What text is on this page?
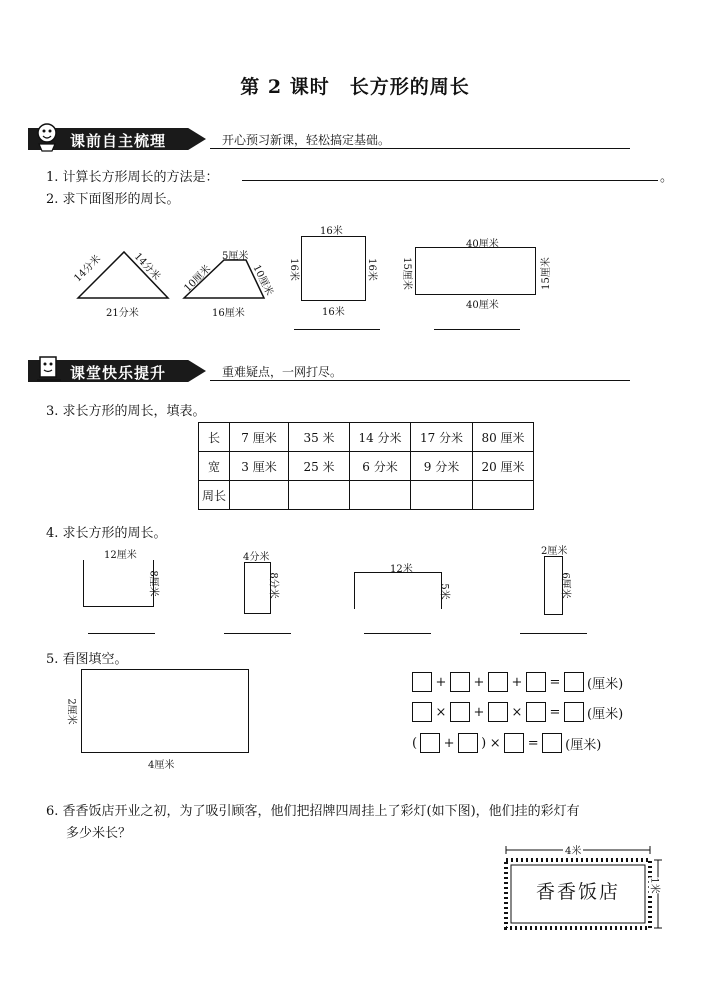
第 2 课时　长方形的周长
课前自主梳理	开心预习新课，轻松搞定基础。
1. 计算长方形周长的方法是：	。
2. 求下面图形的周长。
14分米	14分米
21分米
5厘米
10厘米	10厘米
16厘米
16米
16米	16米
16米
40厘米
15厘米	15厘米
40厘米
课堂快乐提升	重难疑点，一网打尽。
3. 求长方形的周长，填表。
长	7 厘米	35 米	14 分米	17 分米	80 厘米
宽	3 厘米	25 米	6 分米	9 分米	20 厘米
周长					
4. 求长方形的周长。
12厘米
8厘米
4分米
8分米
12米
5米
2厘米
6厘米
5. 看图填空。
2厘米
4厘米
+ + + = (厘米)
× + × = (厘米)
( + ) × = (厘米)
6. 香香饭店开业之初，为了吸引顾客，他们把招牌四周挂上了彩灯(如下图)，他们挂的彩灯有
多少米长？
4米
1米
香香饭店
